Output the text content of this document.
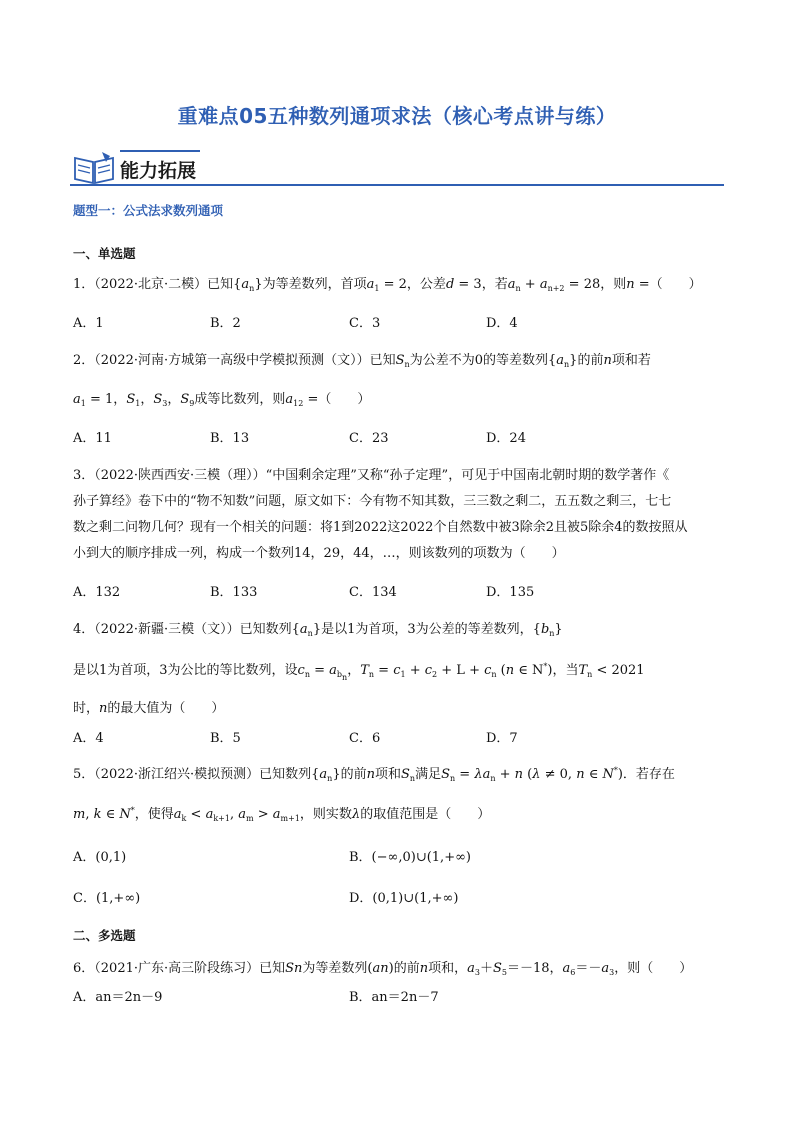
重难点05五种数列通项求法（核心考点讲与练）
能力拓展
题型一：公式法求数列通项
一、单选题
1．（2022·北京·二模）已知$\{a_n\}$为等差数列，首项$a_1 = 2$，公差d = 3，若$a_n + a_{n+2} = 28$，则n =（　　）
A．1	B．2	C．3	D．4
2．（2022·河南·方城第一高级中学模拟预测（文））已知$S_n$为公差不为0的等差数列$\{a_n\}$的前n项和若
$a_1 = 1$，$S_1$，$S_3$，$S_9$成等比数列，则$a_{12}$ =（　　）
A．11	B．13	C．23	D．24
3．（2022·陕西西安·三模（理））“中国剩余定理”又称“孙子定理”，可见于中国南北朝时期的数学著作《
孙子算经》卷下中的“物不知数”问题，原文如下：今有物不知其数，三三数之剩二，五五数之剩三，七七
数之剩二问物几何？现有一个相关的问题：将1到2022这2022个自然数中被3除余2且被5除余4的数按照从
小到大的顺序排成一列，构成一个数列14，29，44，…，则该数列的项数为（　　）
A．132	B．133	C．134	D．135
4．（2022·新疆·三模（文））已知数列$\{a_n\}$是以1为首项，3为公差的等差数列，$\{b_n\}$
是以1为首项，3为公比的等比数列，设$c_n = a_{b_n}$，$T_n = c_1 + c_2 + L + c_n$ (n ∈ N*)，当$T_n < 2021$
时，n的最大值为（　　）
A．4	B．5	C．6	D．7
5．（2022·浙江绍兴·模拟预测）已知数列$\{a_n\}$的前n项和$S_n$满足$S_n = \lambda a_n + n$ (λ ≠ 0, n ∈ N*)．若存在
m, k ∈ N*，使得$a_k < a_{k+1}$, $a_m > a_{m+1}$，则实数λ的取值范围是（　　）
A．(0,1)	B．(−∞,0)∪(1,+∞)
C．(1,+∞)	D．(0,1)∪(1,+∞)
二、多选题
6．（2021·广东·高三阶段练习）已知Sn为等差数列(an)的前n项和，$a_3+S_5=-18$，$a_6=-a_3$，则（　　）
A．an＝2n－9	B．an＝2n－7
